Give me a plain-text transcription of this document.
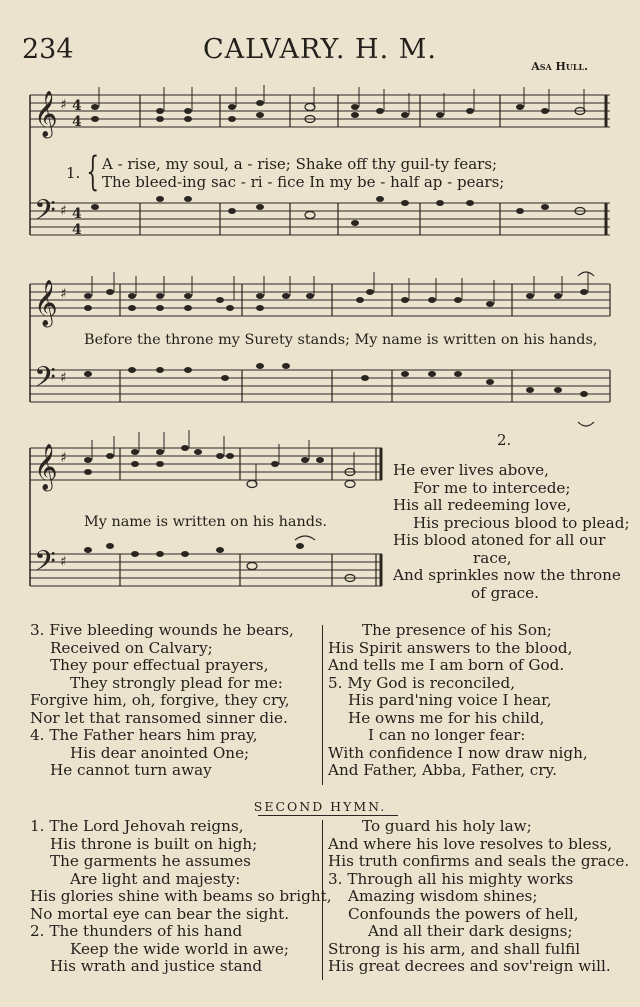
234	CALVARY. H. M.
Asa Hull.
𝄞 ♯ 4
4
𝄢 ♯ 4
4
1. { A - rise, my soul, a - rise; Shake off thy guil-ty fears;
The bleed-ing sac - ri - fice In my be - half ap - pears;
𝄞 ♯
𝄢 ♯
Before the throne my Surety stands; My name is written on his hands,
𝄞 ♯
𝄢 ♯
My name is written on his hands.
2.
He ever lives above,
For me to intercede;
His all redeeming love,
His precious blood to plead;
His blood atoned for all our
race,
And sprinkles now the throne
of grace.
3. Five bleeding wounds he bears,
Received on Calvary;
They pour effectual prayers,
They strongly plead for me:
Forgive him, oh, forgive, they cry,
Nor let that ransomed sinner die.
4. The Father hears him pray,
His dear anointed One;
He cannot turn away
The presence of his Son;
His Spirit answers to the blood,
And tells me I am born of God.
5. My God is reconciled,
His pard'ning voice I hear,
He owns me for his child,
I can no longer fear:
With confidence I now draw nigh,
And Father, Abba, Father, cry.
SECOND HYMN.
1. The Lord Jehovah reigns,
His throne is built on high;
The garments he assumes
Are light and majesty:
His glories shine with beams so bright,
No mortal eye can bear the sight.
2. The thunders of his hand
Keep the wide world in awe;
His wrath and justice stand
To guard his holy law;
And where his love resolves to bless,
His truth confirms and seals the grace.
3. Through all his mighty works
Amazing wisdom shines;
Confounds the powers of hell,
And all their dark designs;
Strong is his arm, and shall fulfil
His great decrees and sov'reign will.
